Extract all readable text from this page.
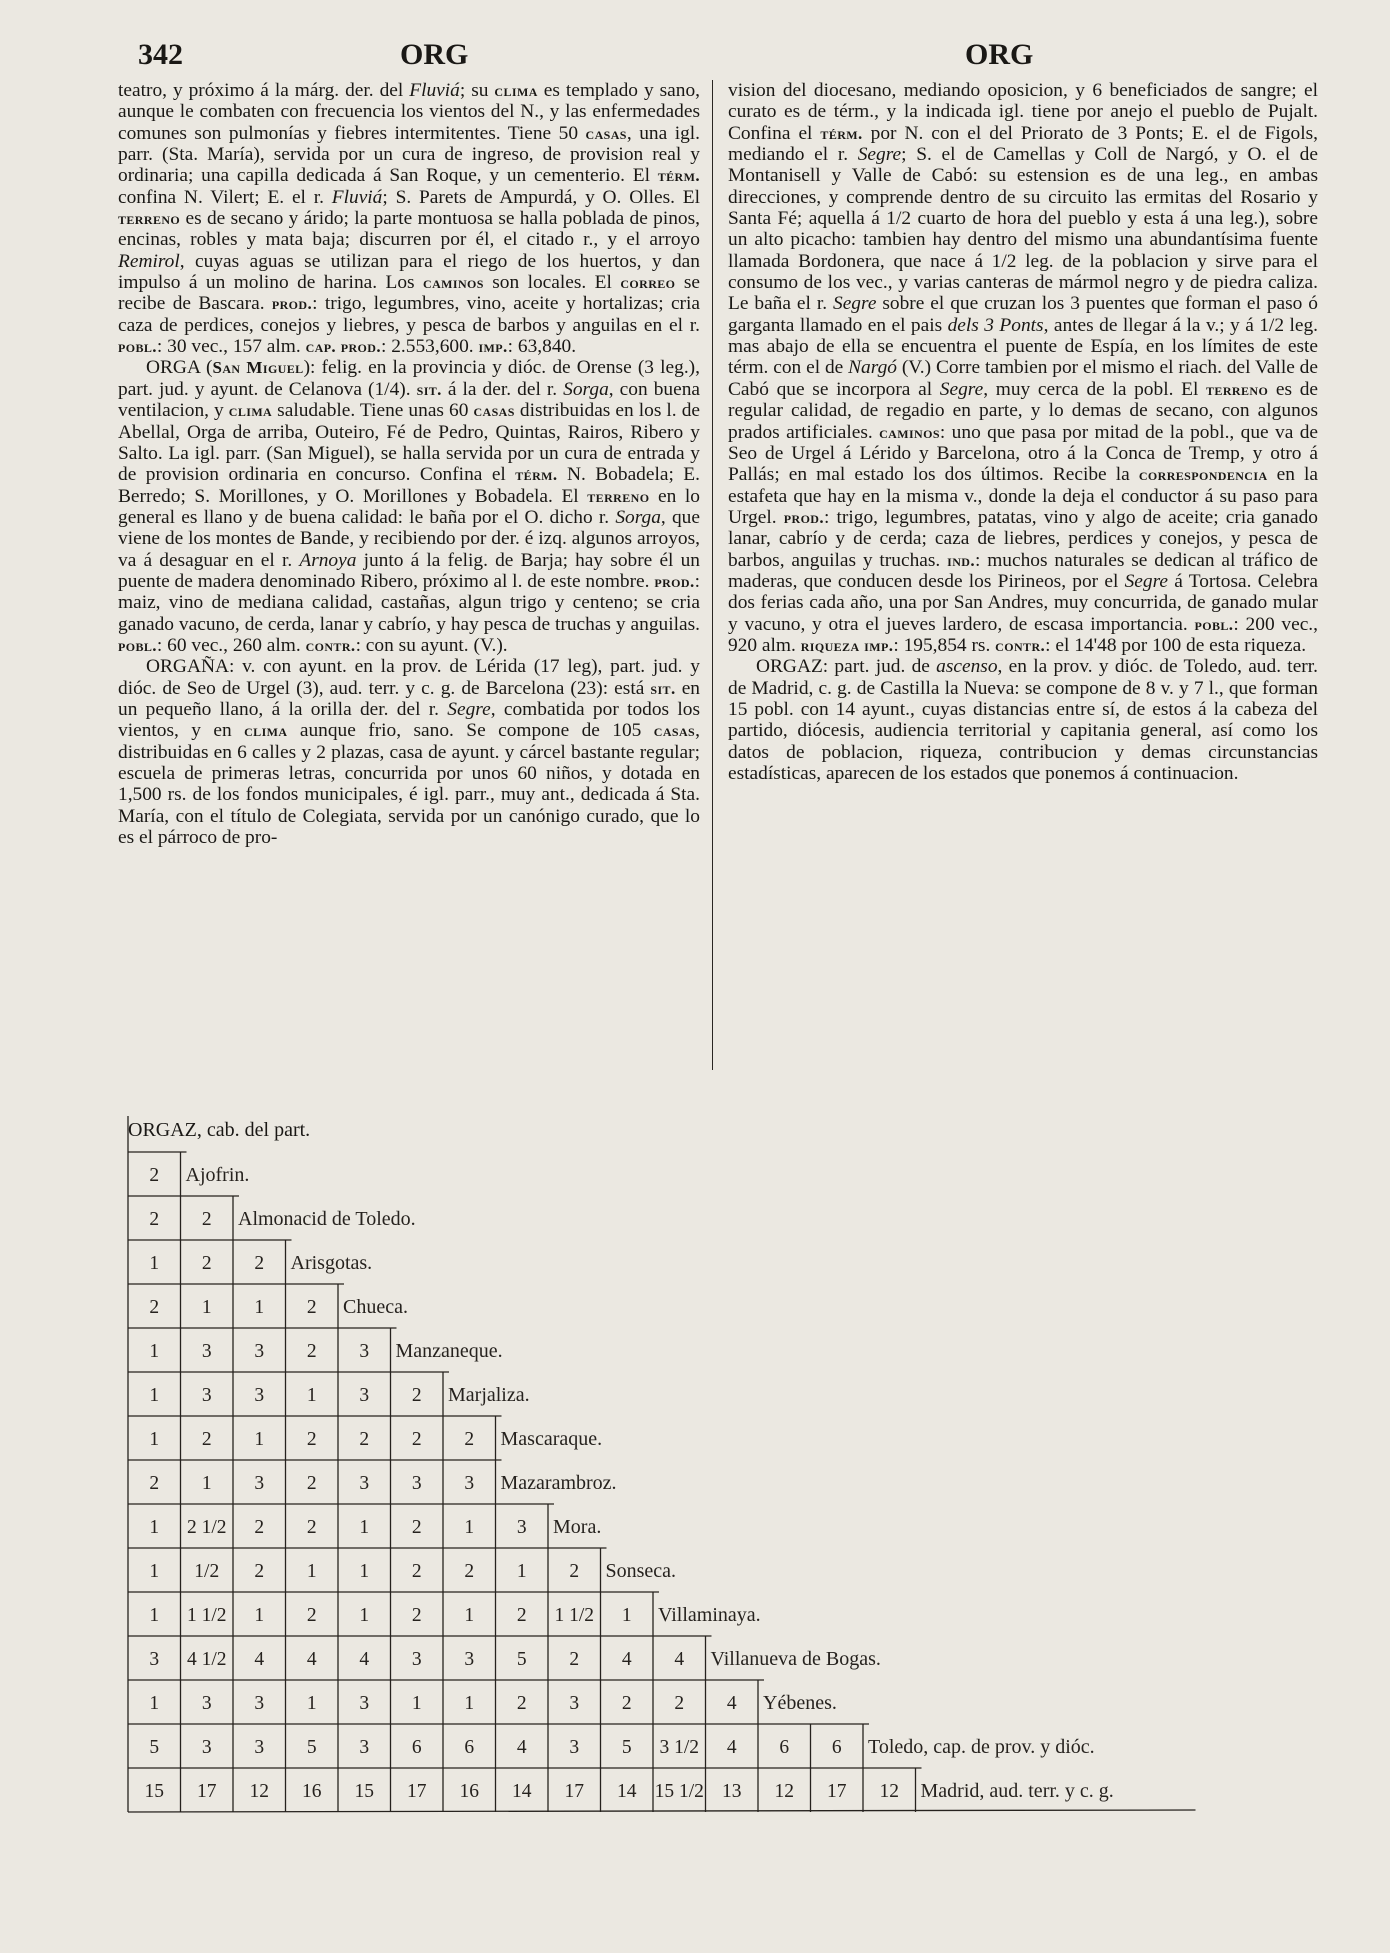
342	ORG	ORG

teatro, y próximo á la márg. der. del Fluviá; su clima es templado y sano, aunque le combaten con frecuencia los vientos del N., y las enfermedades comunes son pulmonías y fiebres intermitentes. Tiene 50 casas, una igl. parr. (Sta. María), servida por un cura de ingreso, de provision real y ordinaria; una capilla dedicada á San Roque, y un cementerio. El térm. confina N. Vilert; E. el r. Fluviá; S. Parets de Ampurdá, y O. Olles. El terreno es de secano y árido; la parte montuosa se halla poblada de pinos, encinas, robles y mata baja; discurren por él, el citado r., y el arroyo Remirol, cuyas aguas se utilizan para el riego de los huertos, y dan impulso á un molino de harina. Los caminos son locales. El correo se recibe de Bascara. prod.: trigo, legumbres, vino, aceite y hortalizas; cria caza de perdices, conejos y liebres, y pesca de barbos y anguilas en el r. pobl.: 30 vec., 157 alm. cap. prod.: 2.553,600. imp.: 63,840.

ORGA (San Miguel): felig. en la provincia y dióc. de Orense (3 leg.), part. jud. y ayunt. de Celanova (1/4). sit. á la der. del r. Sorga, con buena ventilacion, y clima saludable. Tiene unas 60 casas distribuidas en los l. de Abellal, Orga de arriba, Outeiro, Fé de Pedro, Quintas, Rairos, Ribero y Salto. La igl. parr. (San Miguel), se halla servida por un cura de entrada y de provision ordinaria en concurso. Confina el térm. N. Bobadela; E. Berredo; S. Morillones, y O. Morillones y Bobadela. El terreno en lo general es llano y de buena calidad: le baña por el O. dicho r. Sorga, que viene de los montes de Bande, y recibiendo por der. é izq. algunos arroyos, va á desaguar en el r. Arnoya junto á la felig. de Barja; hay sobre él un puente de madera denominado Ribero, próximo al l. de este nombre. prod.: maiz, vino de mediana calidad, castañas, algun trigo y centeno; se cria ganado vacuno, de cerda, lanar y cabrío, y hay pesca de truchas y anguilas. pobl.: 60 vec., 260 alm. contr.: con su ayunt. (V.).

ORGAÑA: v. con ayunt. en la prov. de Lérida (17 leg), part. jud. y dióc. de Seo de Urgel (3), aud. terr. y c. g. de Barcelona (23): está sit. en un pequeño llano, á la orilla der. del r. Segre, combatida por todos los vientos, y en clima aunque frio, sano. Se compone de 105 casas, distribuidas en 6 calles y 2 plazas, casa de ayunt. y cárcel bastante regular; escuela de primeras letras, concurrida por unos 60 niños, y dotada en 1,500 rs. de los fondos municipales, é igl. parr., muy ant., dedicada á Sta. María, con el título de Colegiata, servida por un canónigo curado, que lo es el párroco de pro-

vision del diocesano, mediando oposicion, y 6 beneficiados de sangre; el curato es de térm., y la indicada igl. tiene por anejo el pueblo de Pujalt. Confina el térm. por N. con el del Priorato de 3 Ponts; E. el de Figols, mediando el r. Segre; S. el de Camellas y Coll de Nargó, y O. el de Montanisell y Valle de Cabó: su estension es de una leg., en ambas direcciones, y comprende dentro de su circuito las ermitas del Rosario y Santa Fé; aquella á 1/2 cuarto de hora del pueblo y esta á una leg.), sobre un alto picacho: tambien hay dentro del mismo una abundantísima fuente llamada Bordonera, que nace á 1/2 leg. de la poblacion y sirve para el consumo de los vec., y varias canteras de mármol negro y de piedra caliza. Le baña el r. Segre sobre el que cruzan los 3 puentes que forman el paso ó garganta llamado en el pais dels 3 Ponts, antes de llegar á la v.; y á 1/2 leg. mas abajo de ella se encuentra el puente de Espía, en los límites de este térm. con el de Nargó (V.) Corre tambien por el mismo el riach. del Valle de Cabó que se incorpora al Segre, muy cerca de la pobl. El terreno es de regular calidad, de regadio en parte, y lo demas de secano, con algunos prados artificiales. caminos: uno que pasa por mitad de la pobl., que va de Seo de Urgel á Lérido y Barcelona, otro á la Conca de Tremp, y otro á Pallás; en mal estado los dos últimos. Recibe la correspondencia en la estafeta que hay en la misma v., donde la deja el conductor á su paso para Urgel. prod.: trigo, legumbres, patatas, vino y algo de aceite; cria ganado lanar, cabrío y de cerda; caza de liebres, perdices y conejos, y pesca de barbos, anguilas y truchas. ind.: muchos naturales se dedican al tráfico de maderas, que conducen desde los Pirineos, por el Segre á Tortosa. Celebra dos ferias cada año, una por San Andres, muy concurrida, de ganado mular y vacuno, y otra el jueves lardero, de escasa importancia. pobl.: 200 vec., 920 alm. riqueza imp.: 195,854 rs. contr.: el 14'48 por 100 de esta riqueza.

ORGAZ: part. jud. de ascenso, en la prov. y dióc. de Toledo, aud. terr. de Madrid, c. g. de Castilla la Nueva: se compone de 8 v. y 7 l., que forman 15 pobl. con 14 ayunt., cuyas distancias entre sí, de estos á la cabeza del partido, diócesis, audiencia territorial y capitania general, así como los datos de poblacion, riqueza, contribucion y demas circunstancias estadísticas, aparecen de los estados que ponemos á continuacion.

2 Ajofrin.
2 2 Almonacid de Toledo.
1 2 2 Arisgotas.
2 1 1 2 Chueca.
1 3 3 2 3 Manzaneque.
1 3 3 1 3 2 Marjaliza.
1 2 1 2 2 2 2 Mascaraque.
2 1 3 2 3 3 3 Mazarambroz.
1 2 1/2 2 2 1 2 1 3 Mora.
1 1/2 2 1 1 2 2 1 2 Sonseca.
1 1 1/2 1 2 1 2 1 2 1 1/2 1 Villaminaya.
3 4 1/2 4 4 4 3 3 5 2 4 4 Villanueva de Bogas.
1 3 3 1 3 1 1 2 3 2 2 4 Yébenes.
5 3 3 5 3 6 6 4 3 5 3 1/2 4 6 6 Toledo, cap. de prov. y dióc.
15 17 12 16 15 17 16 14 17 14 15 1/2 13 12 17 12 Madrid, aud. terr. y c. g.
ORGAZ, cab. del part.
